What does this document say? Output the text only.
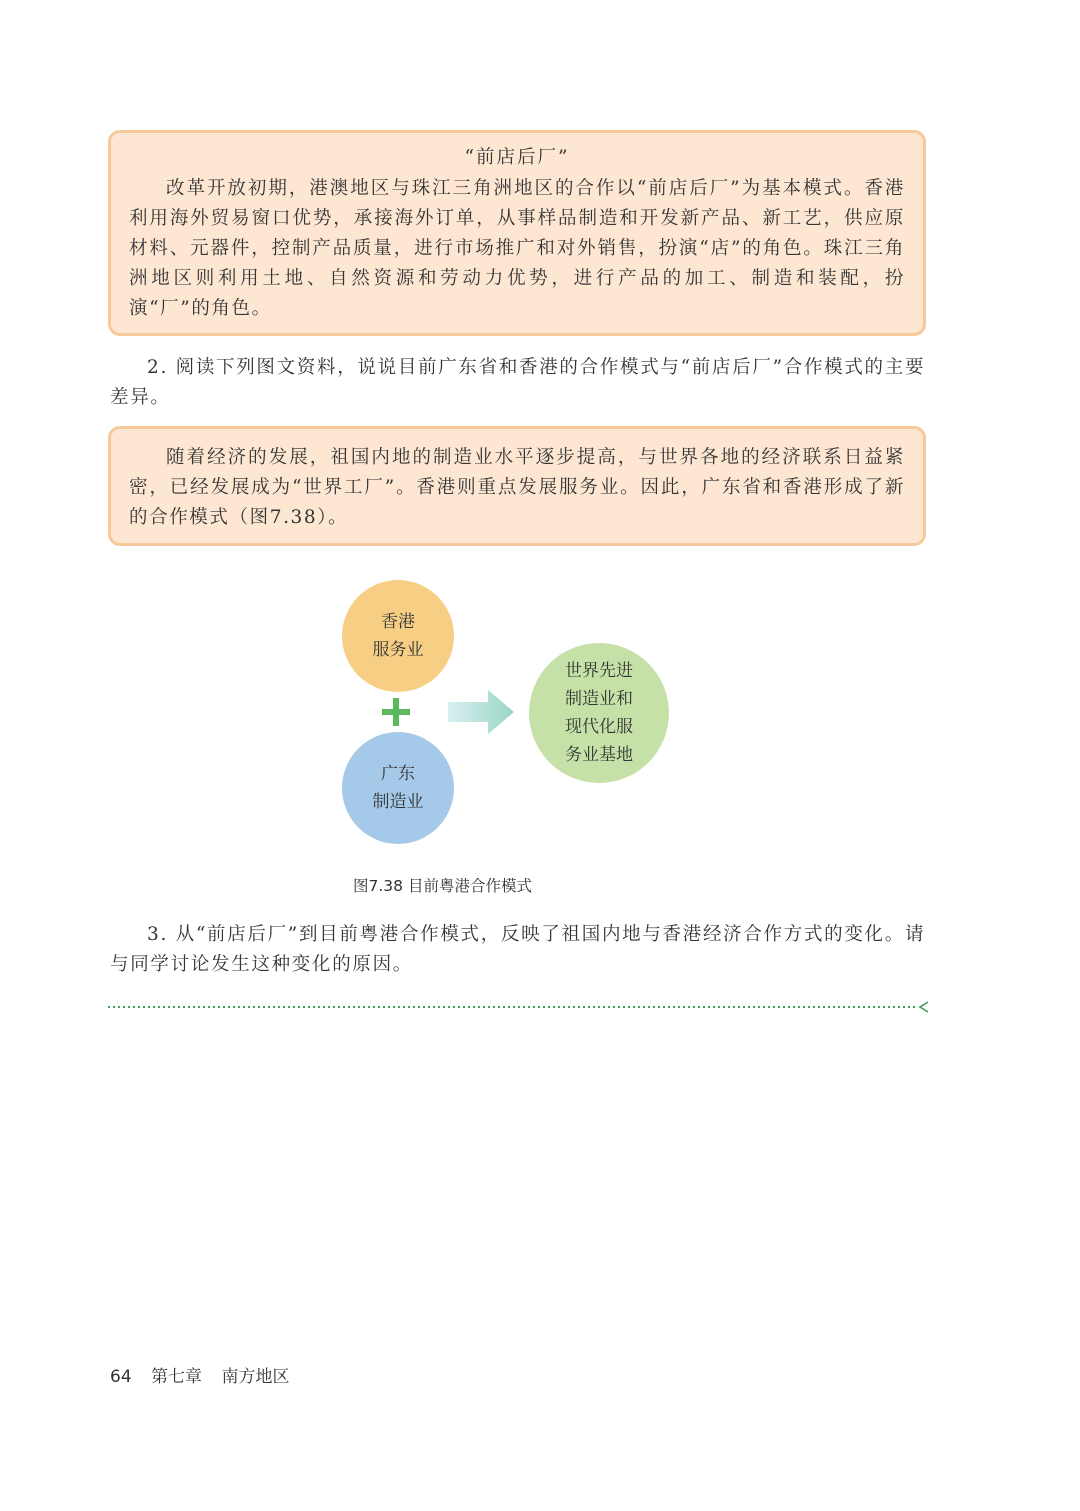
“前店后厂”

改革开放初期，港澳地区与珠江三角洲地区的合作以“前店后厂”为基本模式。香港利用海外贸易窗口优势，承接海外订单，从事样品制造和开发新产品、新工艺，供应原材料、元器件，控制产品质量，进行市场推广和对外销售，扮演“店”的角色。珠江三角洲地区则利用土地、自然资源和劳动力优势，进行产品的加工、制造和装配，扮演“厂”的角色。

2. 阅读下列图文资料，说说目前广东省和香港的合作模式与“前店后厂”合作模式的主要差异。

随着经济的发展，祖国内地的制造业水平逐步提高，与世界各地的经济联系日益紧密，已经发展成为“世界工厂”。香港则重点发展服务业。因此，广东省和香港形成了新的合作模式（图7.38）。

香港
服务业
广东
制造业
世界先进
制造业和
现代化服
务业基地
图7.38 目前粤港合作模式

3. 从“前店后厂”到目前粤港合作模式，反映了祖国内地与香港经济合作方式的变化。请与同学讨论发生这种变化的原因。

64 第七章 南方地区
